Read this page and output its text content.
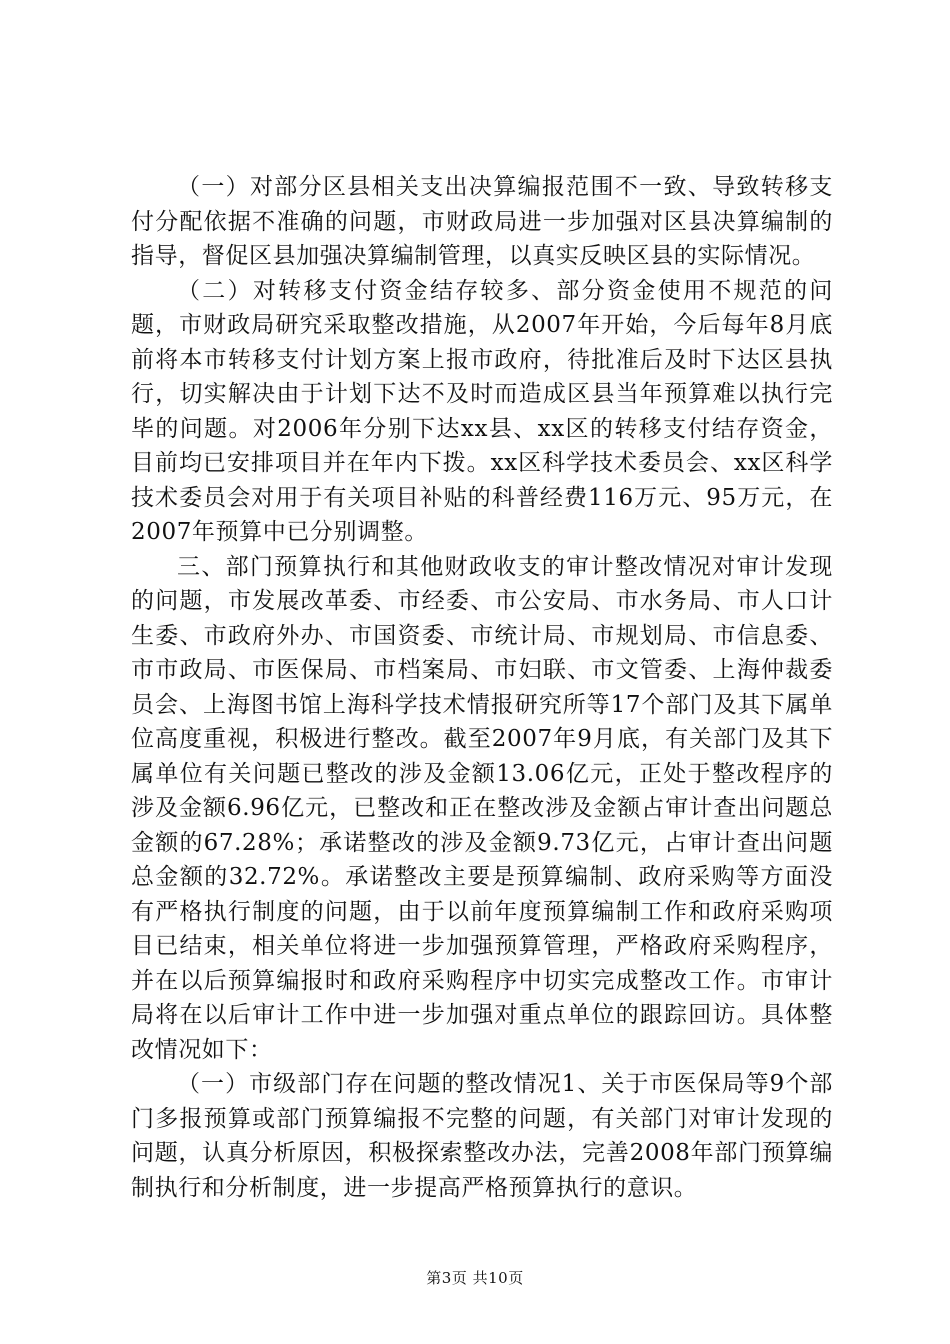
（一）对部分区县相关支出决算编报范围不一致、导致转移支付分配依据不准确的问题，市财政局进一步加强对区县决算编制的指导，督促区县加强决算编制管理，以真实反映区县的实际情况。

（二）对转移支付资金结存较多、部分资金使用不规范的问题，市财政局研究采取整改措施，从2007年开始，今后每年8月底前将本市转移支付计划方案上报市政府，待批准后及时下达区县执行，切实解决由于计划下达不及时而造成区县当年预算难以执行完毕的问题。对2006年分别下达xx县、xx区的转移支付结存资金，目前均已安排项目并在年内下拨。xx区科学技术委员会、xx区科学技术委员会对用于有关项目补贴的科普经费116万元、95万元，在2007年预算中已分别调整。

三、部门预算执行和其他财政收支的审计整改情况对审计发现的问题，市发展改革委、市经委、市公安局、市水务局、市人口计生委、市政府外办、市国资委、市统计局、市规划局、市信息委、市市政局、市医保局、市档案局、市妇联、市文管委、上海仲裁委员会、上海图书馆上海科学技术情报研究所等17个部门及其下属单位高度重视，积极进行整改。截至2007年9月底，有关部门及其下属单位有关问题已整改的涉及金额13.06亿元，正处于整改程序的涉及金额6.96亿元，已整改和正在整改涉及金额占审计查出问题总金额的67.28%；承诺整改的涉及金额9.73亿元，占审计查出问题总金额的32.72%。承诺整改主要是预算编制、政府采购等方面没有严格执行制度的问题，由于以前年度预算编制工作和政府采购项目已结束，相关单位将进一步加强预算管理，严格政府采购程序，并在以后预算编报时和政府采购程序中切实完成整改工作。市审计局将在以后审计工作中进一步加强对重点单位的跟踪回访。具体整改情况如下：

（一）市级部门存在问题的整改情况1、关于市医保局等9个部门多报预算或部门预算编报不完整的问题，有关部门对审计发现的问题，认真分析原因，积极探索整改办法，完善2008年部门预算编制执行和分析制度，进一步提高严格预算执行的意识。

第3页 共10页
